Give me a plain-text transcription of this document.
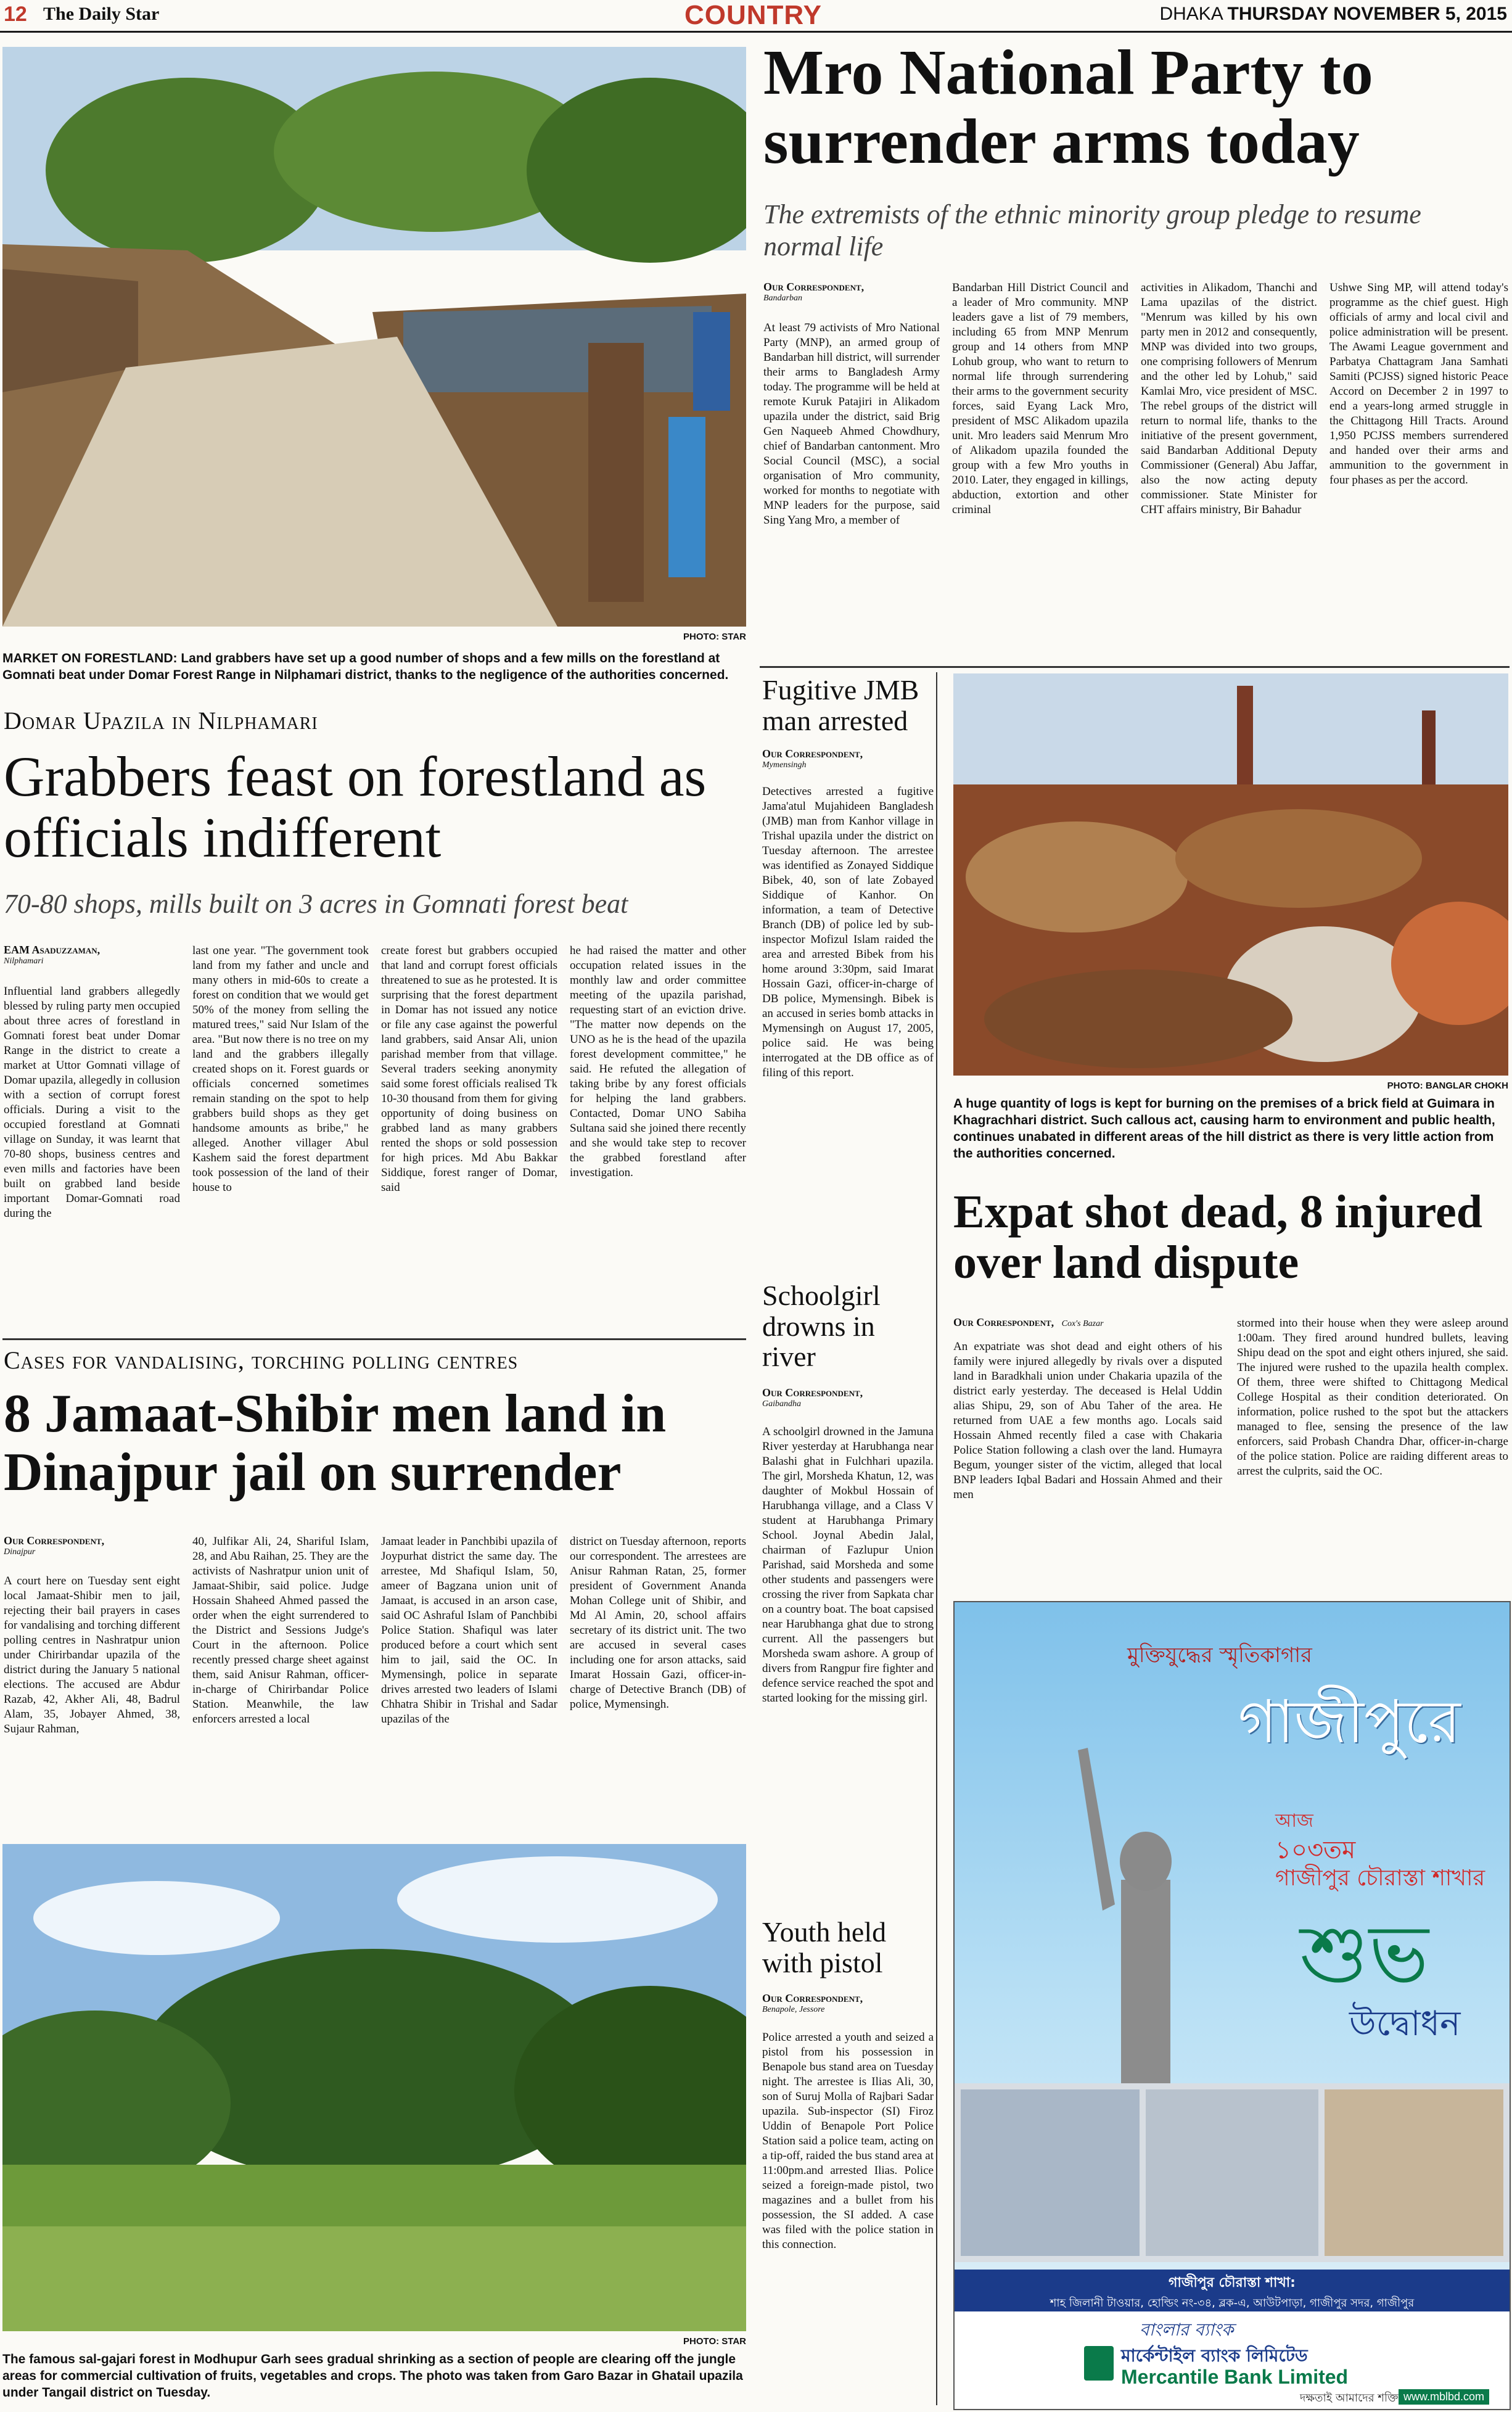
12 The Daily Star	COUNTRY	DHAKA THURSDAY NOVEMBER 5, 2015
PHOTO: STAR
MARKET ON FORESTLAND: Land grabbers have set up a good number of shops and a few mills on the forestland at Gomnati beat under Domar Forest Range in Nilphamari district, thanks to the negligence of the authorities concerned.
Domar Upazila in Nilphamari
Grabbers feast on forestland as officials indifferent
70-80 shops, mills built on 3 acres in Gomnati forest beat
EAM Asaduzzaman,
Nilphamari
Influential land grabbers allegedly blessed by ruling party men occupied about three acres of forestland in Gomnati forest beat under Domar Range in the district to create a market at Uttor Gomnati village of Domar upazila, allegedly in collusion with a section of corrupt forest officials. During a visit to the occupied forestland at Gomnati village on Sunday, it was learnt that 70-80 shops, business centres and even mills and factories have been built on grabbed land beside important Domar-Gomnati road during the
last one year. "The government took land from my father and uncle and many others in mid-60s to create a forest on condition that we would get 50% of the money from selling the matured trees," said Nur Islam of the area. "But now there is no tree on my land and the grabbers illegally created shops on it. Forest guards or officials concerned sometimes remain standing on the spot to help grabbers build shops as they get handsome amounts as bribe," he alleged. Another villager Abul Kashem said the forest department took possession of the land of their house to
create forest but grabbers occupied that land and corrupt forest officials threatened to sue as he protested. It is surprising that the forest department in Domar has not issued any notice or file any case against the powerful land grabbers, said Ansar Ali, union parishad member from that village. Several traders seeking anonymity said some forest officials realised Tk 10-30 thousand from them for giving opportunity of doing business on grabbed land as many grabbers rented the shops or sold possession for high prices. Md Abu Bakkar Siddique, forest ranger of Domar, said
he had raised the matter and other occupation related issues in the monthly law and order committee meeting of the upazila parishad, requesting start of an eviction drive. "The matter now depends on the UNO as he is the head of the upazila forest development committee," he said. He refuted the allegation of taking bribe by any forest officials for helping the land grabbers. Contacted, Domar UNO Sabiha Sultana said she joined there recently and she would take step to recover the grabbed forestland after investigation.
Cases for vandalising, torching polling centres
8 Jamaat-Shibir men land in Dinajpur jail on surrender
Our Correspondent,
Dinajpur
A court here on Tuesday sent eight local Jamaat-Shibir men to jail, rejecting their bail prayers in cases for vandalising and torching different polling centres in Nashratpur union under Chirirbandar upazila of the district during the January 5 national elections. The accused are Abdur Razab, 42, Akher Ali, 48, Badrul Alam, 35, Jobayer Ahmed, 38, Sujaur Rahman,
40, Julfikar Ali, 24, Shariful Islam, 28, and Abu Raihan, 25. They are the activists of Nashratpur union unit of Jamaat-Shibir, said police. Judge Hossain Shaheed Ahmed passed the order when the eight surrendered to the District and Sessions Judge's Court in the afternoon. Police recently pressed charge sheet against them, said Anisur Rahman, officer-in-charge of Chirirbandar Police Station. Meanwhile, the law enforcers arrested a local
Jamaat leader in Panchbibi upazila of Joypurhat district the same day. The arrestee, Md Shafiqul Islam, 50, ameer of Bagzana union unit of Jamaat, is accused in an arson case, said OC Ashraful Islam of Panchbibi Police Station. Shafiqul was later produced before a court which sent him to jail, said the OC. In Mymensingh, police in separate drives arrested two leaders of Islami Chhatra Shibir in Trishal and Sadar upazilas of the
district on Tuesday afternoon, reports our correspondent. The arrestees are Anisur Rahman Ratan, 25, former president of Government Ananda Mohan College unit of Shibir, and Md Al Amin, 20, school affairs secretary of its district unit. The two are accused in several cases including one for arson attacks, said Imarat Hossain Gazi, officer-in-charge of Detective Branch (DB) of police, Mymensingh.
PHOTO: STAR
The famous sal-gajari forest in Modhupur Garh sees gradual shrinking as a section of people are clearing off the jungle areas for commercial cultivation of fruits, vegetables and crops. The photo was taken from Garo Bazar in Ghatail upazila under Tangail district on Tuesday.
Mro National Party to surrender arms today
The extremists of the ethnic minority group pledge to resume normal life
Our Correspondent,
Bandarban
At least 79 activists of Mro National Party (MNP), an armed group of Bandarban hill district, will surrender their arms to Bangladesh Army today. The programme will be held at remote Kuruk Patajiri in Alikadom upazila under the district, said Brig Gen Naqueeb Ahmed Chowdhury, chief of Bandarban cantonment. Mro Social Council (MSC), a social organisation of Mro community, worked for months to negotiate with MNP leaders for the purpose, said Sing Yang Mro, a member of
Bandarban Hill District Council and a leader of Mro community. MNP leaders gave a list of 79 members, including 65 from MNP Menrum group and 14 others from MNP Lohub group, who want to return to normal life through surrendering their arms to the government security forces, said Eyang Lack Mro, president of MSC Alikadom upazila unit. Mro leaders said Menrum Mro of Alikadom upazila founded the group with a few Mro youths in 2010. Later, they engaged in killings, abduction, extortion and other criminal
activities in Alikadom, Thanchi and Lama upazilas of the district. "Menrum was killed by his own party men in 2012 and consequently, MNP was divided into two groups, one comprising followers of Menrum and the other led by Lohub," said Kamlai Mro, vice president of MSC. The rebel groups of the district will return to normal life, thanks to the initiative of the present government, said Bandarban Additional Deputy Commissioner (General) Abu Jaffar, also the now acting deputy commissioner. State Minister for CHT affairs ministry, Bir Bahadur
Ushwe Sing MP, will attend today's programme as the chief guest. High officials of army and local civil and police administration will be present. The Awami League government and Parbatya Chattagram Jana Samhati Samiti (PCJSS) signed historic Peace Accord on December 2 in 1997 to end a years-long armed struggle in the Chittagong Hill Tracts. Around 1,950 PCJSS members surrendered and handed over their arms and ammunition to the government in four phases as per the accord.
Fugitive JMB man arrested
Our Correspondent,
Mymensingh
Detectives arrested a fugitive Jama'atul Mujahideen Bangladesh (JMB) man from Kanhor village in Trishal upazila under the district on Tuesday afternoon. The arrestee was identified as Zonayed Siddique Bibek, 40, son of late Zobayed Siddique of Kanhor. On information, a team of Detective Branch (DB) of police led by sub-inspector Mofizul Islam raided the area and arrested Bibek from his home around 3:30pm, said Imarat Hossain Gazi, officer-in-charge of DB police, Mymensingh. Bibek is an accused in series bomb attacks in Mymensingh on August 17, 2005, police said. He was being interrogated at the DB office as of filing of this report.
Schoolgirl drowns in river
Our Correspondent,
Gaibandha
A schoolgirl drowned in the Jamuna River yesterday at Harubhanga near Balashi ghat in Fulchhari upazila. The girl, Morsheda Khatun, 12, was daughter of Mokbul Hossain of Harubhanga village, and a Class V student at Harubhanga Primary School. Joynal Abedin Jalal, chairman of Fazlupur Union Parishad, said Morsheda and some other students and passengers were crossing the river from Sapkata char on a country boat. The boat capsised near Harubhanga ghat due to strong current. All the passengers but Morsheda swam ashore. A group of divers from Rangpur fire fighter and defence service reached the spot and started looking for the missing girl.
Youth held with pistol
Our Correspondent,
Benapole, Jessore
Police arrested a youth and seized a pistol from his possession in Benapole bus stand area on Tuesday night. The arrestee is Ilias Ali, 30, son of Suruj Molla of Rajbari Sadar upazila. Sub-inspector (SI) Firoz Uddin of Benapole Port Police Station said a police team, acting on a tip-off, raided the bus stand area at 11:00pm.and arrested Ilias. Police seized a foreign-made pistol, two magazines and a bullet from his possession, the SI added. A case was filed with the police station in this connection.
PHOTO: BANGLAR CHOKH
A huge quantity of logs is kept for burning on the premises of a brick field at Guimara in Khagrachhari district. Such callous act, causing harm to environment and public health, continues unabated in different areas of the hill district as there is very little action from the authorities concerned.
Expat shot dead, 8 injured over land dispute
Our Correspondent, Cox's Bazar
An expatriate was shot dead and eight others of his family were injured allegedly by rivals over a disputed land in Baradkhali union under Chakaria upazila of the district early yesterday. The deceased is Helal Uddin alias Shipu, 29, son of Abu Taher of the area. He returned from UAE a few months ago. Locals said Hossain Ahmed recently filed a case with Chakaria Police Station following a clash over the land. Humayra Begum, younger sister of the victim, alleged that local BNP leaders Iqbal Badari and Hossain Ahmed and their men
stormed into their house when they were asleep around 1:00am. They fired around hundred bullets, leaving Shipu dead on the spot and eight others injured, she said. The injured were rushed to the upazila health complex. Of them, three were shifted to Chittagong Medical College Hospital as their condition deteriorated. On information, police rushed to the spot but the attackers managed to flee, sensing the presence of the law enforcers, said Probash Chandra Dhar, officer-in-charge of the police station. Police are raiding different areas to arrest the culprits, said the OC.
মুক্তিযুদ্ধের স্মৃতিকাগার
গাজীপুরে
আজ
১০৩তম
গাজীপুর চৌরাস্তা শাখার
শুভ
উদ্বোধন
গাজীপুর চৌরাস্তা শাখা:
শাহ জিলানী টাওয়ার, হোল্ডিং নং-৩৪, ব্লক-এ, আউটপাড়া, গাজীপুর সদর, গাজীপুর
বাংলার ব্যাংক
মার্কেন্টাইল ব্যাংক লিমিটেড
Mercantile Bank Limited
দক্ষতাই আমাদের শক্তি www.mblbd.com
